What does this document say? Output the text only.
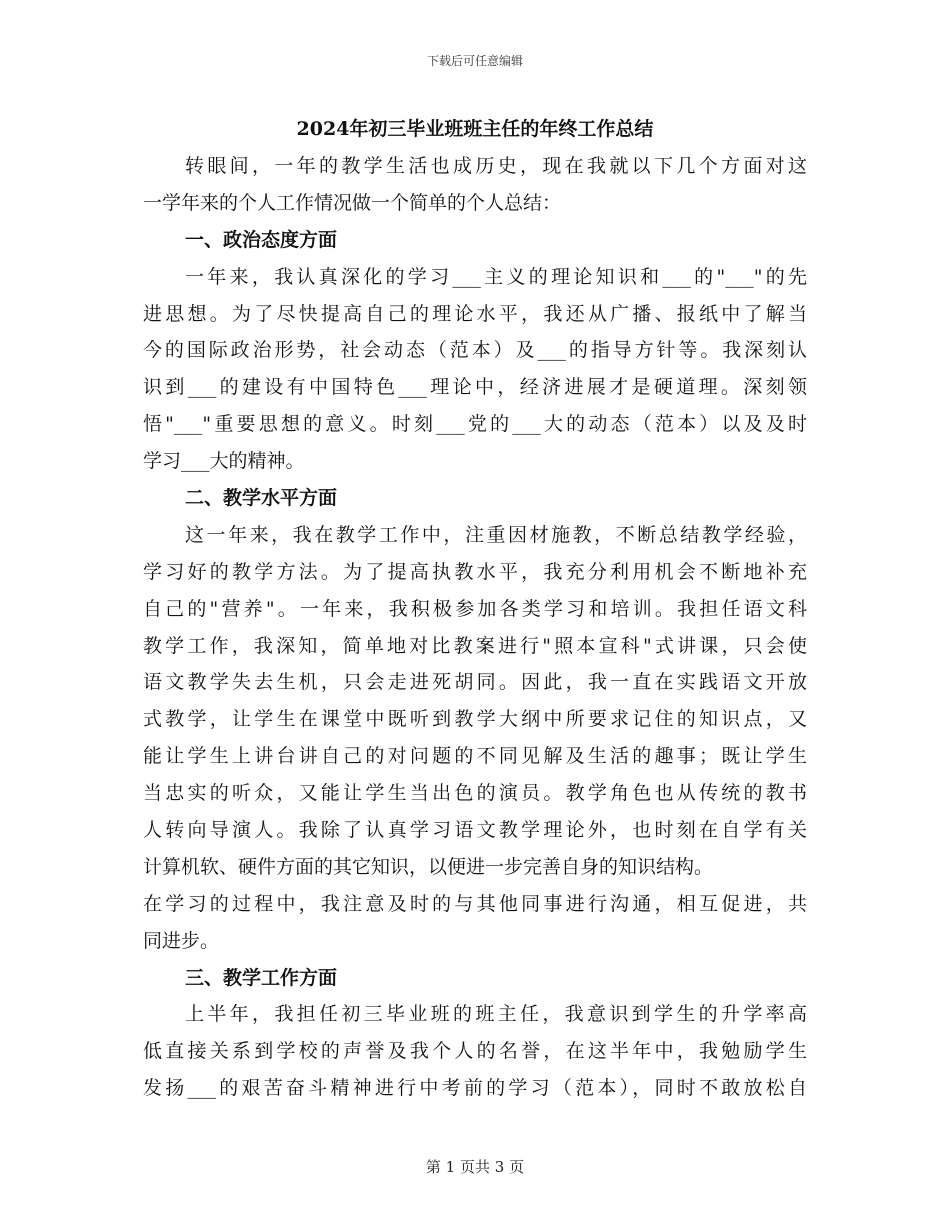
下载后可任意编辑
2024年初三毕业班班主任的年终工作总结
转眼间，一年的教学生活也成历史，现在我就以下几个方面对这
一学年来的个人工作情况做一个简单的个人总结：
一、政治态度方面
一年来，我认真深化的学习___主义的理论知识和___的"___"的先
进思想。为了尽快提高自己的理论水平，我还从广播、报纸中了解当
今的国际政治形势，社会动态（范本）及___的指导方针等。我深刻认
识到___的建设有中国特色___理论中，经济进展才是硬道理。深刻领
悟"___"重要思想的意义。时刻___党的___大的动态（范本）以及及时
学习___大的精神。
二、教学水平方面
这一年来，我在教学工作中，注重因材施教，不断总结教学经验，
学习好的教学方法。为了提高执教水平，我充分利用机会不断地补充
自己的"营养"。一年来，我积极参加各类学习和培训。我担任语文科
教学工作，我深知，简单地对比教案进行"照本宣科"式讲课，只会使
语文教学失去生机，只会走进死胡同。因此，我一直在实践语文开放
式教学，让学生在课堂中既听到教学大纲中所要求记住的知识点，又
能让学生上讲台讲自己的对问题的不同见解及生活的趣事；既让学生
当忠实的听众，又能让学生当出色的演员。教学角色也从传统的教书
人转向导演人。我除了认真学习语文教学理论外，也时刻在自学有关
计算机软、硬件方面的其它知识，以便进一步完善自身的知识结构。
在学习的过程中，我注意及时的与其他同事进行沟通，相互促进，共
同进步。
三、教学工作方面
上半年，我担任初三毕业班的班主任，我意识到学生的升学率高
低直接关系到学校的声誉及我个人的名誉，在这半年中，我勉励学生
发扬___的艰苦奋斗精神进行中考前的学习（范本），同时不敢放松自
第 1 页共 3 页
